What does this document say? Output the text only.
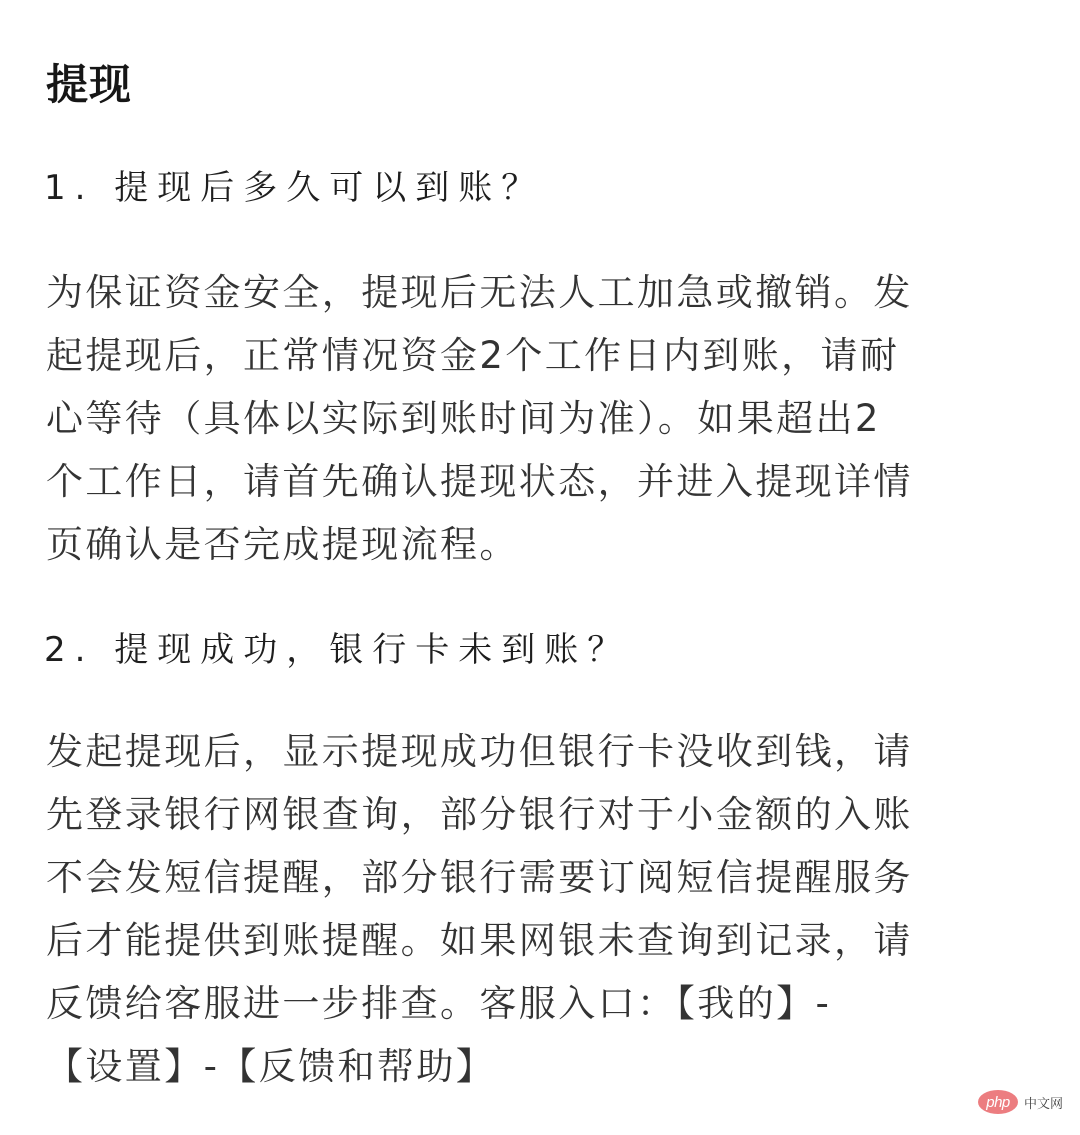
提现
1. 提现后多久可以到账？
为保证资金安全，提现后无法人工加急或撤销。发
起提现后，正常情况资金2个工作日内到账，请耐
心等待（具体以实际到账时间为准）。如果超出2
个工作日，请首先确认提现状态，并进入提现详情
页确认是否完成提现流程。
2. 提现成功，银行卡未到账？
发起提现后，显示提现成功但银行卡没收到钱，请
先登录银行网银查询，部分银行对于小金额的入账
不会发短信提醒，部分银行需要订阅短信提醒服务
后才能提供到账提醒。如果网银未查询到记录，请
反馈给客服进一步排查。客服入口：【我的】-
【设置】-【反馈和帮助】
php	中文网
